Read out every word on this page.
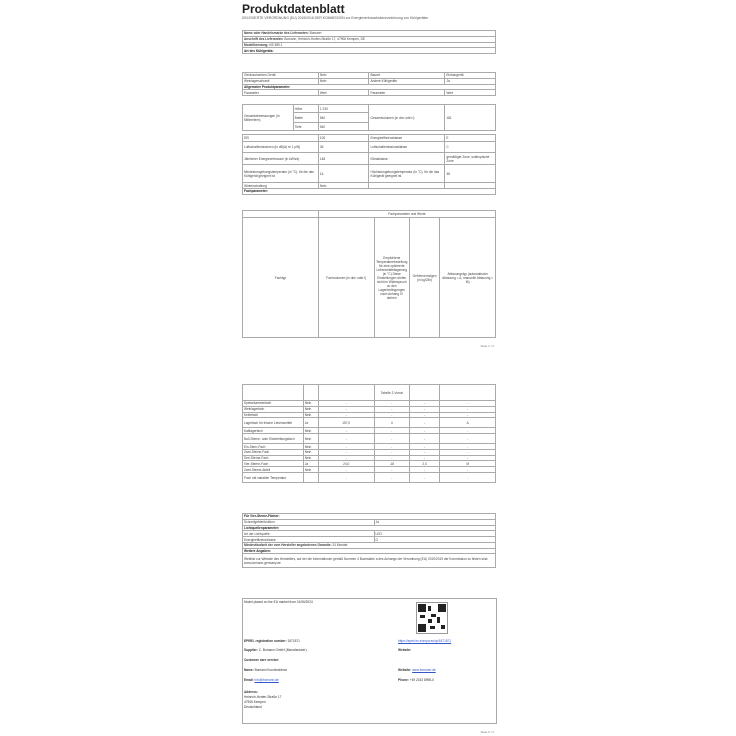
Produktdatenblatt
DELEGIERTE VERORDNUNG (EU) 2019/2016 DER KOMMISSION zur Energieverbrauchskennzeichnung von Kühlgeräten
Name oder Handelsmarke des Lieferanten: Bomann
Anschrift des Lieferanten: Bomann, Heinrich-Horten-Straße 17, 47906 Kempen, DE
Modellkennung: KB 389.1
Art des Kühlgeräts:
Geräuscharmes Gerät	Nein	Bauart	Einbaugerät
Weinlagerschrank	Nein	Andere Kühlgeräte	Ja
Allgemeine Produktparameter:			
Parameter	Wert	Parameter	Wert
Gesamtabmessungen (in Millimetern)	Höhe	1 230	Gesamtvolumen (in dm³ oder l)	181
	Breite	540		
	Tiefe	540		
EEI	100	Energieeffizienzklasse	E
Luftschallemissionen (in dB(A) re 1 pW)	36	Luftschallemissionsklasse	C
Jährlicher Energieverbrauch (in kWh/a)	148	Klimaklasse:	gemäßigte Zone, subtropische Zone
Mindestumgebungstemperatur (in °C), für die das Kühlgerät geeignet ist	16	Höchstumgebungstemperatur (in °C), für die das Kühlgerät geeignet ist	38
Winterschaltung	Nein		
Fachparameter:			
	Fachparameter und Werte			
Fachtyp	Fachvolumen (in dm³ oder l)	Empfohlene Temperatureinstellung für eine optimierte Lebensmittellagerung (in °C) Diese Einstellungen dürfen nicht im Widerspruch zu den Lagerbedingungen nach Anhang IV stehen	Gefriervermögen (in kg/24h)	Abtauungstyp (automatische Abtauung = A, manuelle Abtauung = M)
Seite 1 / 2
			Tabelle 3 Vorrat		
Speisekammerfach	Nein	-	-	-	-
Weinlagerfach	Nein	-	-	-	-
Kellerfach	Nein	-	-	-	-
Lagerfach für frische Lebensmittel	Ja	157,0	4	-	A
Kaltlagerfach	Nein	-	-	-	-
Null-Sterne- oder Eisbereitungsfach	Nein	-	-	-	-
Ein-Stern-Fach	Nein	-	-	-	-
Zwei-Sterne-Fach	Nein	-	-	-	-
Drei-Sterne-Fach	Nein	-	-	-	-
Vier-Sterne-Fach	Ja	24,0	-18	2,0	M
Zwei-Sterne-Abteil	Nein	-	-	-	-
Fach mit variabler Temperatur		-	-	-	-
Für Vier-Sterne-Fächer:	
Schnellgefrierfunktion	Ja
Lichtquellenparameter:	
Art der Lichtquelle	LED
Energieeffizienzklasse	G
Mindestlaufzeit der vom Hersteller angebotenen Garantie: 24 Monate	
Weitere Angaben:	
Weblink zur Website des Herstellers, auf der die Informationen gemäß Nummer 4 Buchstabe a des Anhangs der Verordnung (EU) 2019/2019 der Kommission zu finden sind: www.bomann-germany.de	
Model placed on the EU market from 01/06/2024
EPREL registration number: 1871871	https://eprel.ec.europa.eu/qr/1871871
Supplier: C. Bomann GmbH (Manufacturer)	Website:
Customer care service:
Name: Bomann Kundendienst	Website: www.bomann.de
Email: info@bomann.de	Phone: +49 2152 8998-0
Address:
Heinrich-Horten-Straße 17
47906 Kempen
Deutschland
Seite 2 / 2
